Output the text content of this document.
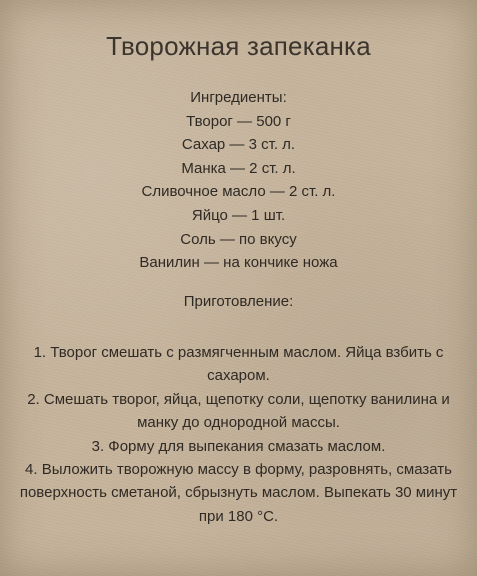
Творожная запеканка
Ингредиенты:
Творог — 500 г
Сахар — 3 ст. л.
Манка — 2 ст. л.
Сливочное масло — 2 ст. л.
Яйцо — 1 шт.
Соль — по вкусу
Ванилин — на кончике ножа
Приготовление:
1. Творог смешать с размягченным маслом. Яйца взбить с сахаром.
2. Смешать творог, яйца, щепотку соли, щепотку ванилина и манку до однородной массы.
3. Форму для выпекания смазать маслом.
4. Выложить творожную массу в форму, разровнять, смазать поверхность сметаной, сбрызнуть маслом. Выпекать 30 минут при 180 °С.
